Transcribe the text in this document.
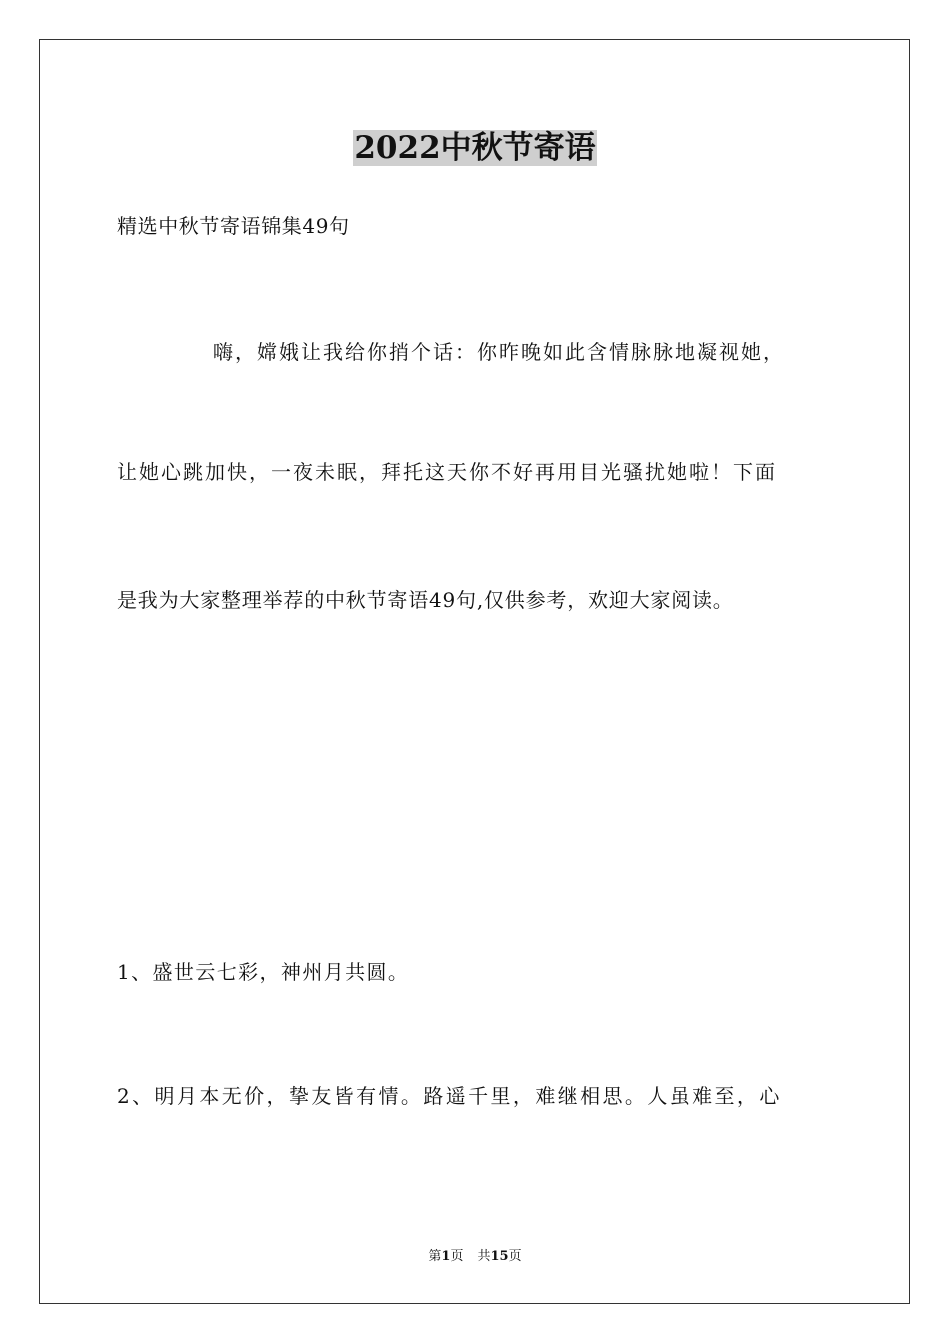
2022中秋节寄语
精选中秋节寄语锦集49句
嗨，嫦娥让我给你捎个话：你昨晚如此含情脉脉地凝视她，
让她心跳加快，一夜未眠，拜托这天你不好再用目光骚扰她啦！下面
是我为大家整理举荐的中秋节寄语49句,仅供参考，欢迎大家阅读。
1、盛世云七彩，神州月共圆。
2、明月本无价，挚友皆有情。路遥千里，难继相思。人虽难至，心
第1页 共15页
